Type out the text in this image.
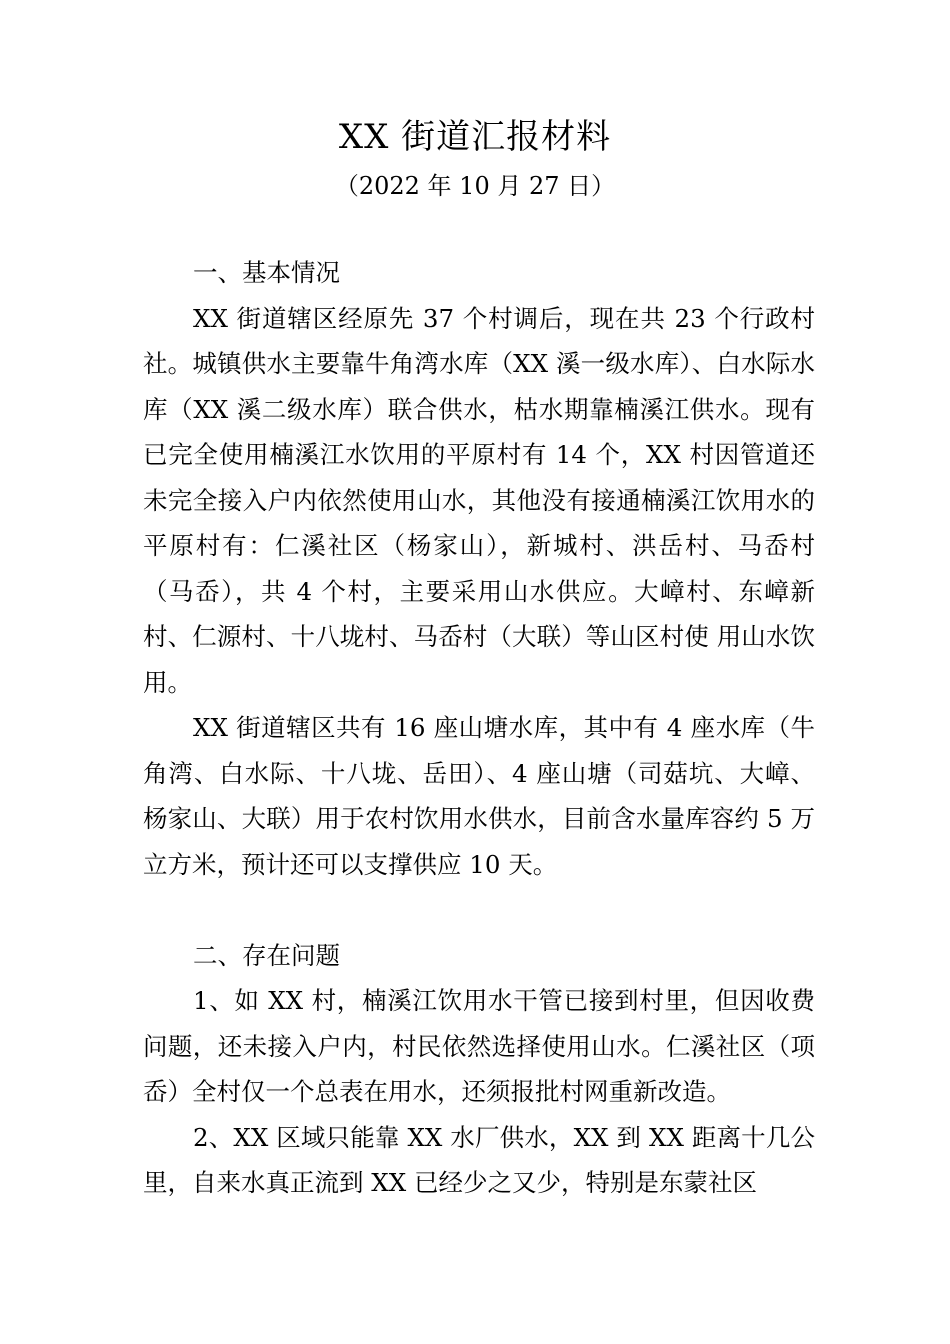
XX 街道汇报材料
（2022 年 10 月 27 日）

一、基本情况

XX 街道辖区经原先 37 个村调后，现在共 23 个行政村社。城镇供水主要靠牛角湾水库（XX 溪一级水库）、白水际水库（XX 溪二级水库）联合供水，枯水期靠楠溪江供水。现有已完全使用楠溪江水饮用的平原村有 14 个，XX 村因管道还未完全接入户内依然使用山水，其他没有接通楠溪江饮用水的平原村有：仁溪社区（杨家山），新城村、洪岳村、马岙村（马岙），共 4 个村，主要采用山水供应。大嶂村、东嶂新村、仁源村、十八垅村、马岙村（大联）等山区村使 用山水饮用。

XX 街道辖区共有 16 座山塘水库，其中有 4 座水库（牛角湾、白水际、十八垅、岳田）、4 座山塘（司菇坑、大嶂、杨家山、大联）用于农村饮用水供水，目前含水量库容约 5 万立方米，预计还可以支撑供应 10 天。

二、存在问题

1、如 XX 村，楠溪江饮用水干管已接到村里，但因收费问题，还未接入户内，村民依然选择使用山水。仁溪社区（项岙）全村仅一个总表在用水，还须报批村网重新改造。

2、XX 区域只能靠 XX 水厂供水，XX 到 XX 距离十几公里，自来水真正流到 XX 已经少之又少，特别是东蒙社区
